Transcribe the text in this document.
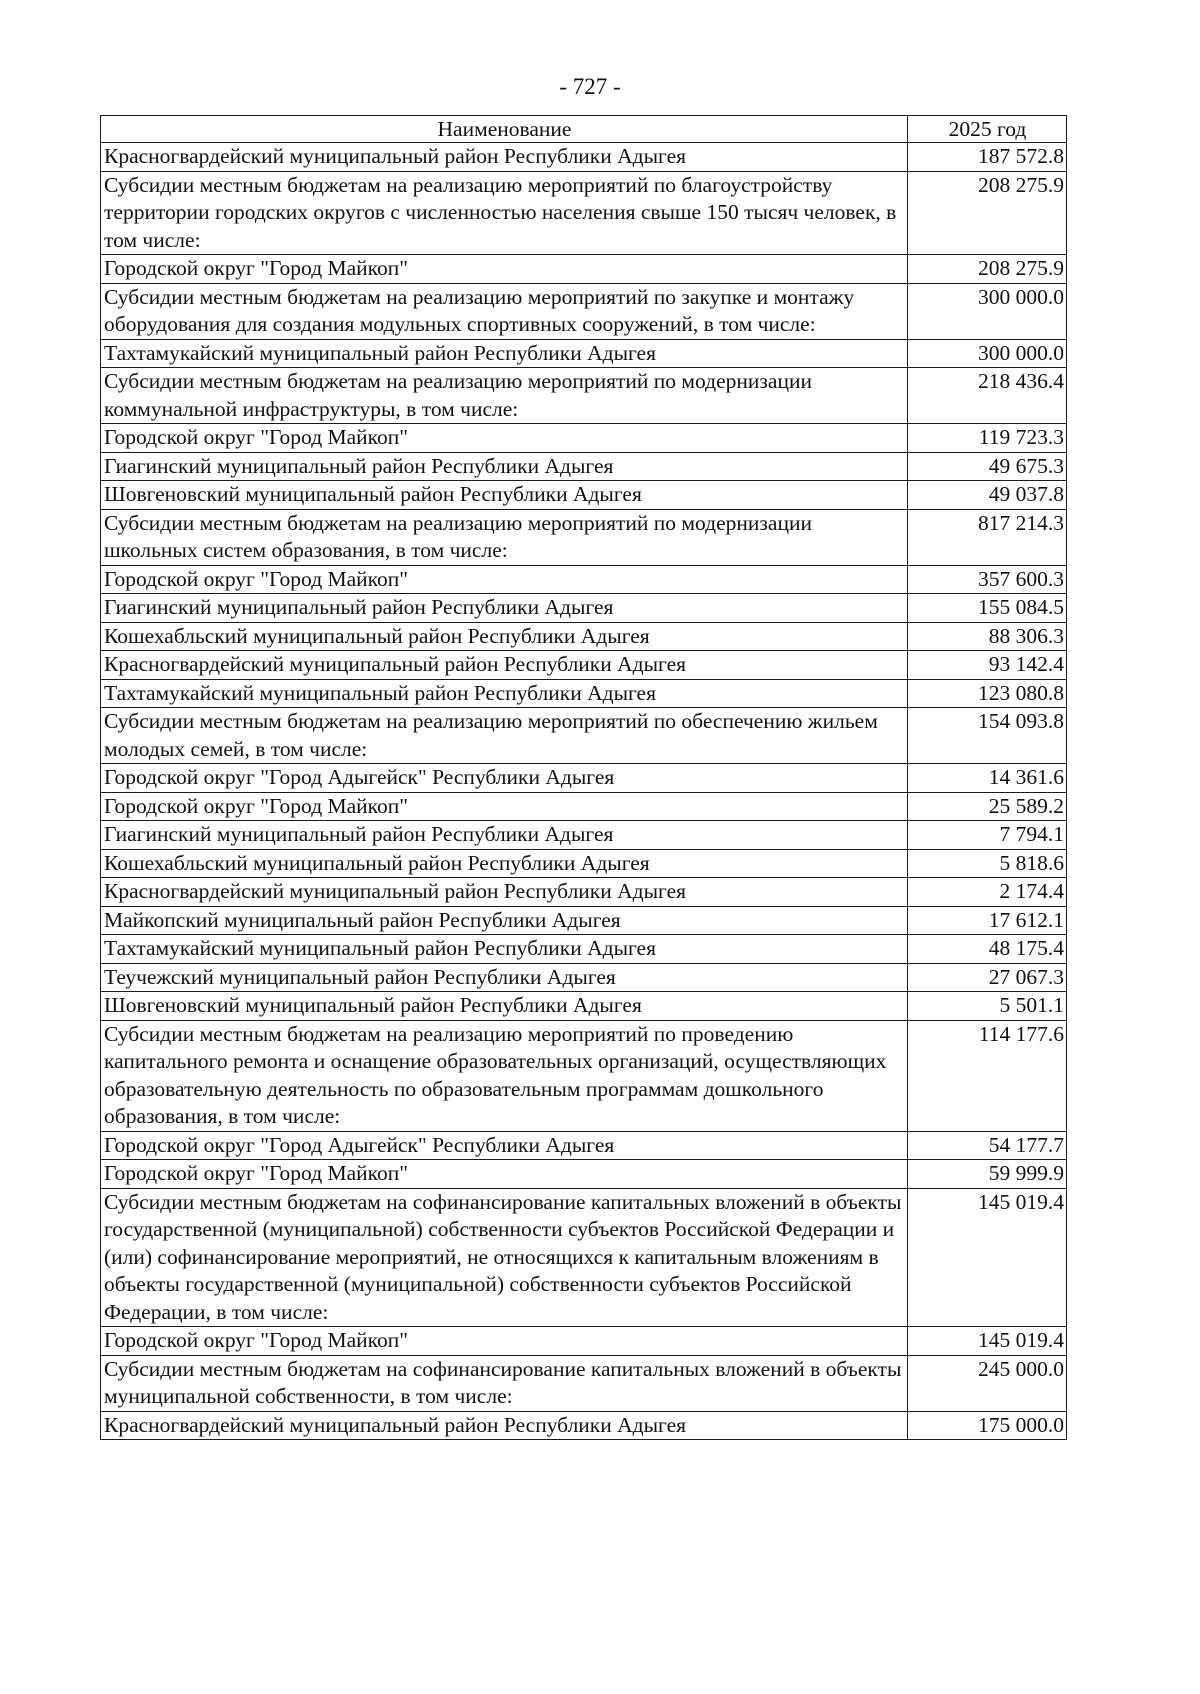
- 727 -
Наименование	2025 год
Красногвардейский муниципальный район Республики Адыгея	187 572.8
Субсидии местным бюджетам на реализацию мероприятий по благоустройству территории городских округов с численностью населения свыше 150 тысяч человек, в том числе:	208 275.9
Городской округ "Город Майкоп"	208 275.9
Субсидии местным бюджетам на реализацию мероприятий по закупке и монтажу оборудования для создания модульных спортивных сооружений, в том числе:	300 000.0
Тахтамукайский муниципальный район Республики Адыгея	300 000.0
Субсидии местным бюджетам на реализацию мероприятий по модернизации коммунальной инфраструктуры, в том числе:	218 436.4
Городской округ "Город Майкоп"	119 723.3
Гиагинский муниципальный район Республики Адыгея	49 675.3
Шовгеновский муниципальный район Республики Адыгея	49 037.8
Субсидии местным бюджетам на реализацию мероприятий по модернизации школьных систем образования, в том числе:	817 214.3
Городской округ "Город Майкоп"	357 600.3
Гиагинский муниципальный район Республики Адыгея	155 084.5
Кошехабльский муниципальный район Республики Адыгея	88 306.3
Красногвардейский муниципальный район Республики Адыгея	93 142.4
Тахтамукайский муниципальный район Республики Адыгея	123 080.8
Субсидии местным бюджетам на реализацию мероприятий по обеспечению жильем молодых семей, в том числе:	154 093.8
Городской округ "Город Адыгейск" Республики Адыгея	14 361.6
Городской округ "Город Майкоп"	25 589.2
Гиагинский муниципальный район Республики Адыгея	7 794.1
Кошехабльский муниципальный район Республики Адыгея	5 818.6
Красногвардейский муниципальный район Республики Адыгея	2 174.4
Майкопский муниципальный район Республики Адыгея	17 612.1
Тахтамукайский муниципальный район Республики Адыгея	48 175.4
Теучежский муниципальный район Республики Адыгея	27 067.3
Шовгеновский муниципальный район Республики Адыгея	5 501.1
Субсидии местным бюджетам на реализацию мероприятий по проведению капитального ремонта и оснащение образовательных организаций, осуществляющих образовательную деятельность по образовательным программам дошкольного образования, в том числе:	114 177.6
Городской округ "Город Адыгейск" Республики Адыгея	54 177.7
Городской округ "Город Майкоп"	59 999.9
Субсидии местным бюджетам на софинансирование капитальных вложений в объекты государственной (муниципальной) собственности субъектов Российской Федерации и (или) софинансирование мероприятий, не относящихся к капитальным вложениям в объекты государственной (муниципальной) собственности субъектов Российской Федерации, в том числе:	145 019.4
Городской округ "Город Майкоп"	145 019.4
Субсидии местным бюджетам на софинансирование капитальных вложений в объекты муниципальной собственности, в том числе:	245 000.0
Красногвардейский муниципальный район Республики Адыгея	175 000.0
